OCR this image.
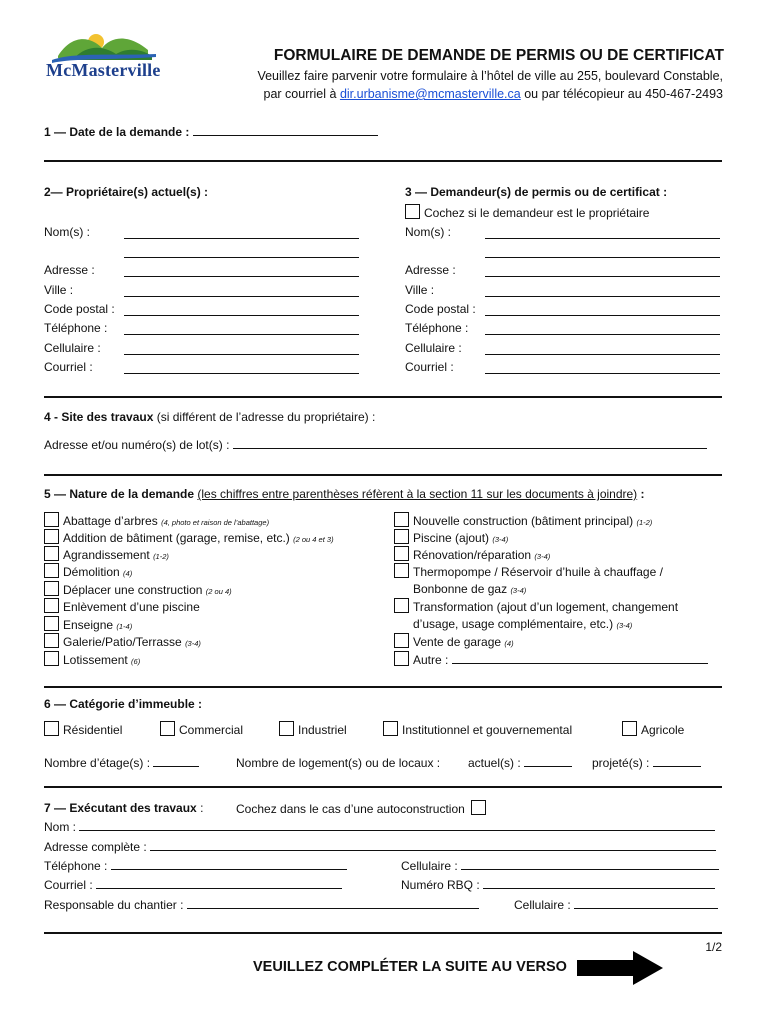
McMasterville
FORMULAIRE DE DEMANDE DE PERMIS OU DE CERTIFICAT
Veuillez faire parvenir votre formulaire à l’hôtel de ville au 255, boulevard Constable,
par courriel à dir.urbanisme@mcmasterville.ca ou par télécopieur au 450-467-2493
1 — Date de la demande :
2— Propriétaire(s) actuel(s) :
Nom(s) :
Adresse :
Ville :
Code postal :
Téléphone :
Cellulaire :
Courriel :
3 — Demandeur(s) de permis ou de certificat :
Cochez si le demandeur est le propriétaire
Nom(s) :
Adresse :
Ville :
Code postal :
Téléphone :
Cellulaire :
Courriel :
4 - Site des travaux (si différent de l’adresse du propriétaire) :
Adresse et/ou numéro(s) de lot(s) :
5 — Nature de la demande (les chiffres entre parenthèses réfèrent à la section 11 sur les documents à joindre) :
Abattage d’arbres (4, photo et raison de l’abattage)
Addition de bâtiment (garage, remise, etc.) (2 ou 4 et 3)
Agrandissement (1-2)
Démolition (4)
Déplacer une construction (2 ou 4)
Enlèvement d’une piscine
Enseigne (1-4)
Galerie/Patio/Terrasse (3-4)
Lotissement (6)
Nouvelle construction (bâtiment principal) (1-2)
Piscine (ajout) (3-4)
Rénovation/réparation (3-4)
Thermopompe / Réservoir d’huile à chauffage /
Bonbonne de gaz (3-4)
Transformation (ajout d’un logement, changement
d’usage, usage complémentaire, etc.) (3-4)
Vente de garage (4)
Autre :
6 — Catégorie d’immeuble :
Résidentiel	Commercial	Industriel	Institutionnel et gouvernemental	Agricole
Nombre d’étage(s) :	Nombre de logement(s) ou de locaux : actuel(s) :	projeté(s) :
7 — Exécutant des travaux :	Cochez dans le cas d’une autoconstruction
Nom :
Adresse complète :
Téléphone :	Cellulaire :
Courriel :	Numéro RBQ :
Responsable du chantier :	Cellulaire :
1/2
VEUILLEZ COMPLÉTER LA SUITE AU VERSO
